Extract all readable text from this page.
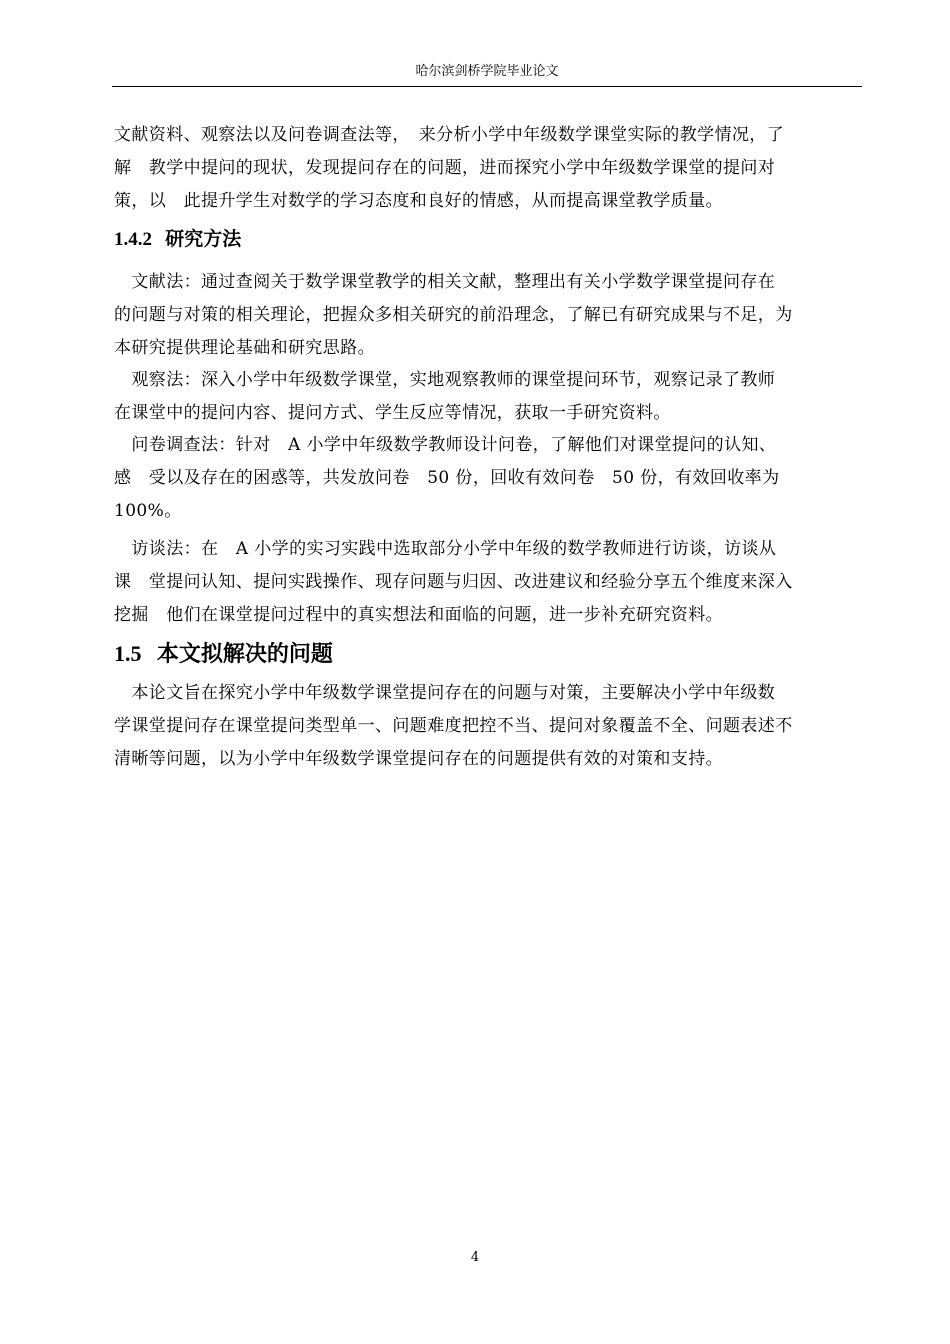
哈尔滨剑桥学院毕业论文
文献资料、观察法以及问卷调查法等，　来分析小学中年级数学课堂实际的教学情况，了
解　教学中提问的现状，发现提问存在的问题，进而探究小学中年级数学课堂的提问对
策，以　此提升学生对数学的学习态度和良好的情感，从而提高课堂教学质量。
1.4.2 研究方法
　文献法：通过查阅关于数学课堂教学的相关文献，整理出有关小学数学课堂提问存在
的问题与对策的相关理论，把握众多相关研究的前沿理念，了解已有研究成果与不足，为
本研究提供理论基础和研究思路。
　观察法：深入小学中年级数学课堂，实地观察教师的课堂提问环节，观察记录了教师
在课堂中的提问内容、提问方式、学生反应等情况，获取一手研究资料。
　问卷调查法：针对　A 小学中年级数学教师设计问卷，了解他们对课堂提问的认知、
感　受以及存在的困惑等，共发放问卷　50 份，回收有效问卷　50 份，有效回收率为
100%。
　访谈法：在　A 小学的实习实践中选取部分小学中年级的数学教师进行访谈，访谈从
课　堂提问认知、提问实践操作、现存问题与归因、改进建议和经验分享五个维度来深入
挖掘　他们在课堂提问过程中的真实想法和面临的问题，进一步补充研究资料。
1.5 本文拟解决的问题
　本论文旨在探究小学中年级数学课堂提问存在的问题与对策，主要解决小学中年级数
学课堂提问存在课堂提问类型单一、问题难度把控不当、提问对象覆盖不全、问题表述不
清晰等问题，以为小学中年级数学课堂提问存在的问题提供有效的对策和支持。
4
